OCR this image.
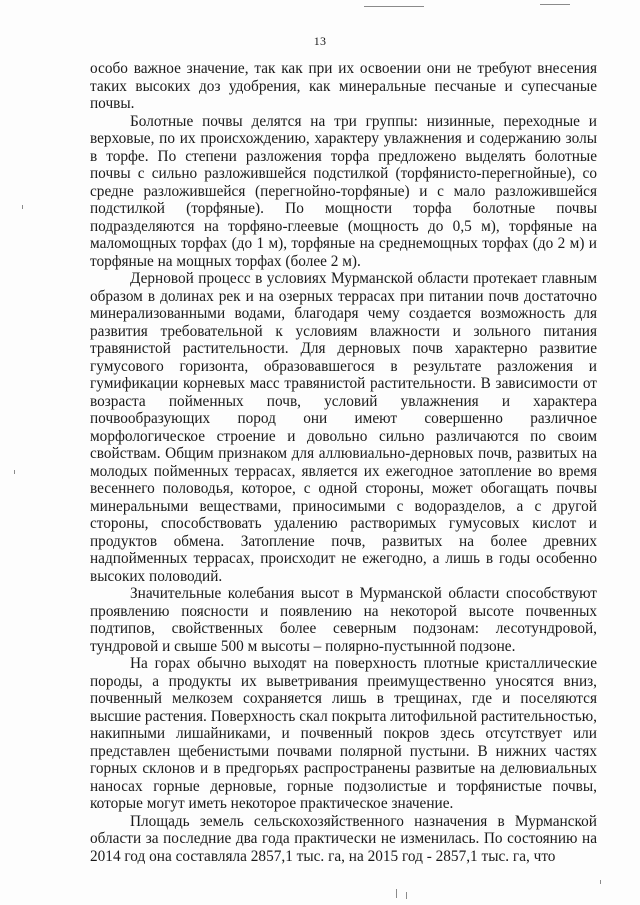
13

особо важное значение, так как при их освоении они не требуют внесения таких высоких доз удобрения, как минеральные песчаные и супесчаные почвы.

Болотные почвы делятся на три группы: низинные, переходные и верховые, по их происхождению, характеру увлажнения и содержанию золы в торфе. По степени разложения торфа предложено выделять болотные почвы с сильно разложившейся подстилкой (торфянисто-перегнойные), со средне разложившейся (перегнойно-торфяные) и с мало разложившейся подстилкой (торфяные). По мощности торфа болотные почвы подразделяются на торфяно-глеевые (мощность до 0,5 м), торфяные на маломощных торфах (до 1 м), торфяные на среднемощных торфах (до 2 м) и торфяные на мощных торфах (более 2 м).

Дерновой процесс в условиях Мурманской области протекает главным образом в долинах рек и на озерных террасах при питании почв достаточно минерализованными водами, благодаря чему создается возможность для развития требовательной к условиям влажности и зольного питания травянистой растительности. Для дерновых почв характерно развитие гумусового горизонта, образовавшегося в результате разложения и гумификации корневых масс травянистой растительности. В зависимости от возраста пойменных почв, условий увлажнения и характера почвообразующих пород они имеют совершенно различное морфологическое строение и довольно сильно различаются по своим свойствам. Общим признаком для аллювиально-дерновых почв, развитых на молодых пойменных террасах, является их ежегодное затопление во время весеннего половодья, которое, с одной стороны, может обогащать почвы минеральными веществами, приносимыми с водоразделов, а с другой стороны, способствовать удалению растворимых гумусовых кислот и продуктов обмена. Затопление почв, развитых на более древних надпойменных террасах, происходит не ежегодно, а лишь в годы особенно высоких половодий.

Значительные колебания высот в Мурманской области способствуют проявлению поясности и появлению на некоторой высоте почвенных подтипов, свойственных более северным подзонам: лесотундровой, тундровой и свыше 500 м высоты – полярно-пустынной подзоне.

На горах обычно выходят на поверхность плотные кристаллические породы, а продукты их выветривания преимущественно уносятся вниз, почвенный мелкозем сохраняется лишь в трещинах, где и поселяются высшие растения. Поверхность скал покрыта литофильной растительностью, накипными лишайниками, и почвенный покров здесь отсутствует или представлен щебенистыми почвами полярной пустыни. В нижних частях горных склонов и в предгорьях распространены развитые на делювиальных наносах горные дерновые, горные подзолистые и торфянистые почвы, которые могут иметь некоторое практическое значение.

Площадь земель сельскохозяйственного назначения в Мурманской области за последние два года практически не изменилась. По состоянию на 2014 год она составляла 2857,1 тыс. га, на 2015 год - 2857,1 тыс. га, что
